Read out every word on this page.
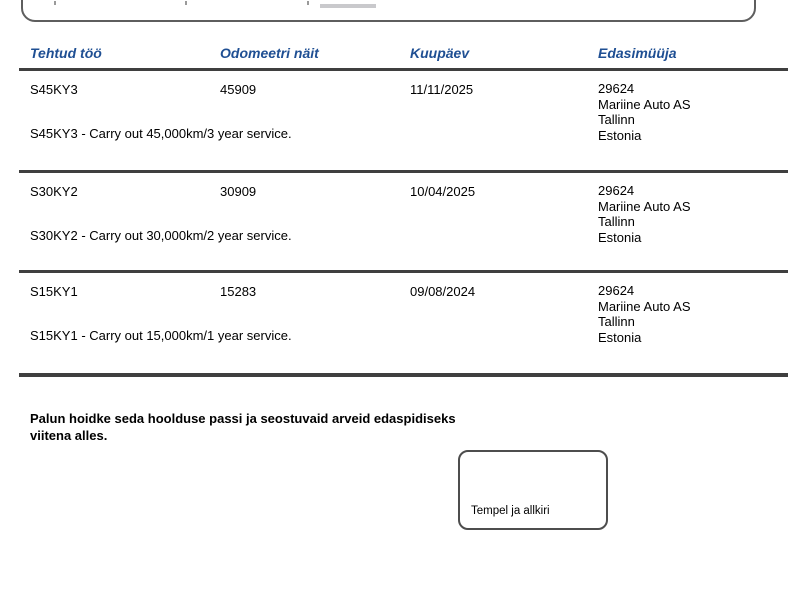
Tehtud töö	Odomeetri näit	Kuupäev	Edasimüüja
S45KY3	45909	11/11/2025	29624
Mariine Auto AS
Tallinn
Estonia
S45KY3 - Carry out 45,000km/3 year service.
S30KY2	30909	10/04/2025	29624
Mariine Auto AS
Tallinn
Estonia
S30KY2 - Carry out 30,000km/2 year service.
S15KY1	15283	09/08/2024	29624
Mariine Auto AS
Tallinn
Estonia
S15KY1 - Carry out 15,000km/1 year service.
Palun hoidke seda hoolduse passi ja seostuvaid arveid edaspidiseks viitena alles.
Tempel ja allkiri
